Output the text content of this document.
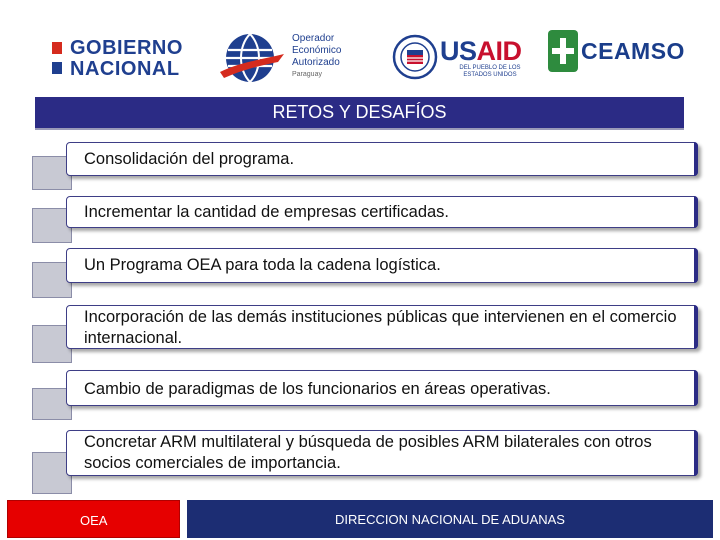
GOBIERNO
NACIONAL
Operador
Económico
Autorizado
Paraguay
USAID
DEL PUEBLO DE LOS ESTADOS UNIDOS
CEAMSO
RETOS Y DESAFÍOS
Consolidación del programa.
Incrementar la cantidad de empresas certificadas.
Un Programa OEA para toda la cadena logística.
Incorporación de las demás instituciones públicas que intervienen en el comercio internacional.
Cambio de paradigmas de los funcionarios en áreas operativas.
Concretar ARM multilateral y búsqueda de posibles ARM bilaterales con otros socios comerciales de importancia.
OEA	DIRECCION NACIONAL DE ADUANAS
